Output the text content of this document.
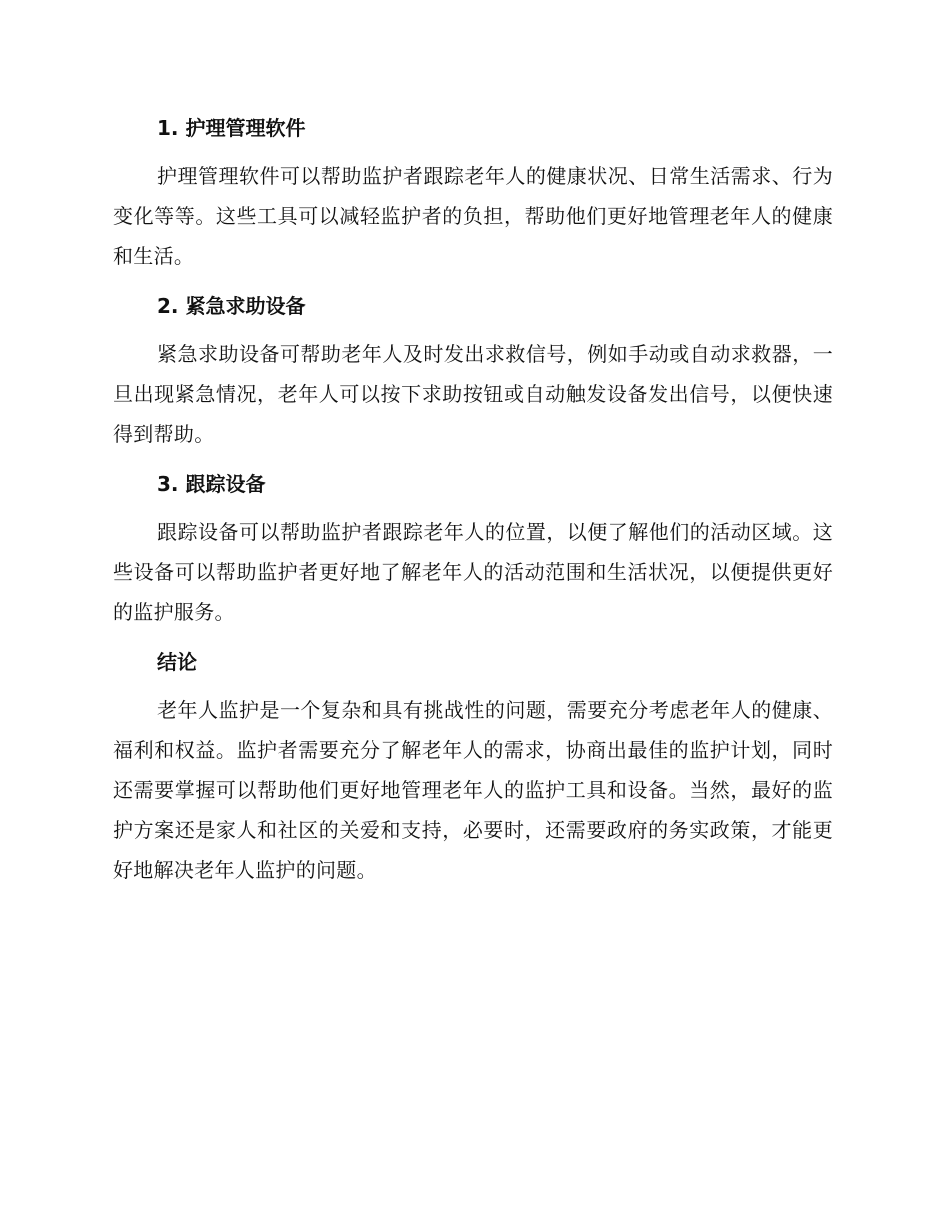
1. 护理管理软件

护理管理软件可以帮助监护者跟踪老年人的健康状况、日常生活需求、行为变化等等。这些工具可以减轻监护者的负担，帮助他们更好地管理老年人的健康和生活。

2. 紧急求助设备

紧急求助设备可帮助老年人及时发出求救信号，例如手动或自动求救器，一旦出现紧急情况，老年人可以按下求助按钮或自动触发设备发出信号，以便快速得到帮助。

3. 跟踪设备

跟踪设备可以帮助监护者跟踪老年人的位置，以便了解他们的活动区域。这些设备可以帮助监护者更好地了解老年人的活动范围和生活状况，以便提供更好的监护服务。

结论

老年人监护是一个复杂和具有挑战性的问题，需要充分考虑老年人的健康、福利和权益。监护者需要充分了解老年人的需求，协商出最佳的监护计划，同时还需要掌握可以帮助他们更好地管理老年人的监护工具和设备。当然，最好的监护方案还是家人和社区的关爱和支持，必要时，还需要政府的务实政策，才能更好地解决老年人监护的问题。
